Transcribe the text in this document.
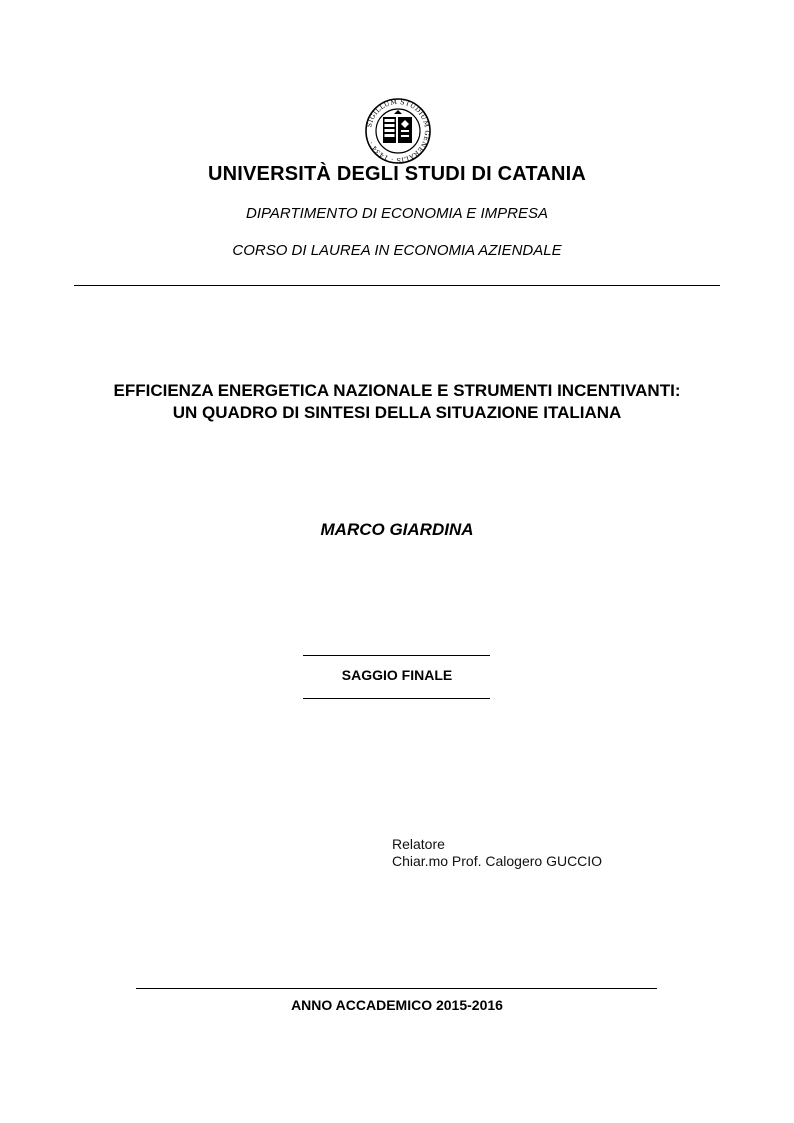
SIGILLUM STUDIUM GENERALIS · 1434 ·
UNIVERSITÀ DEGLI STUDI DI CATANIA
DIPARTIMENTO DI ECONOMIA E IMPRESA
CORSO DI LAUREA IN ECONOMIA AZIENDALE
EFFICIENZA ENERGETICA NAZIONALE E STRUMENTI INCENTIVANTI:
UN QUADRO DI SINTESI DELLA SITUAZIONE ITALIANA
MARCO GIARDINA
SAGGIO FINALE
Relatore
Chiar.mo Prof. Calogero GUCCIO
ANNO ACCADEMICO 2015-2016
